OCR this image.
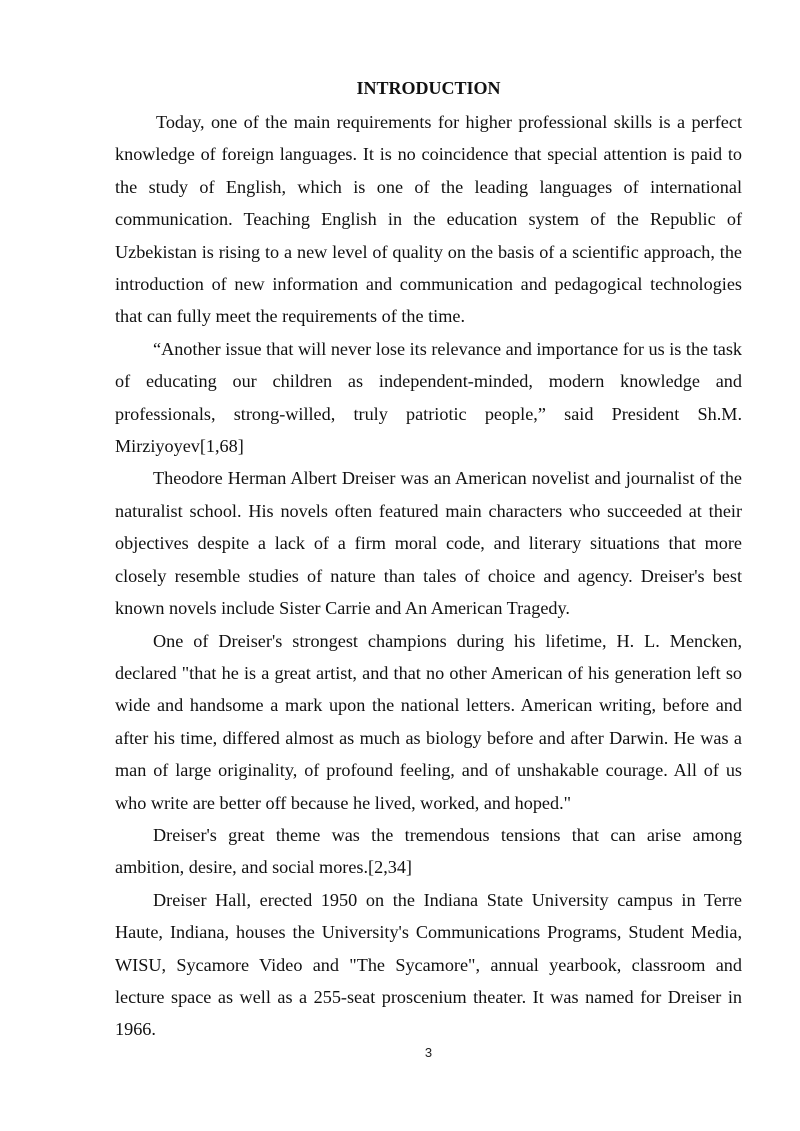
INTRODUCTION

Today, one of the main requirements for higher professional skills is a perfect knowledge of foreign languages. It is no coincidence that special attention is paid to the study of English, which is one of the leading languages of international communication. Teaching English in the education system of the Republic of Uzbekistan is rising to a new level of quality on the basis of a scientific approach, the introduction of new information and communication and pedagogical technologies that can fully meet the requirements of the time.

“Another issue that will never lose its relevance and importance for us is the task of educating our children as independent-minded, modern knowledge and professionals, strong-willed, truly patriotic people,” said President Sh.M. Mirziyoyev[1,68]

Theodore Herman Albert Dreiser was an American novelist and journalist of the naturalist school. His novels often featured main characters who succeeded at their objectives despite a lack of a firm moral code, and literary situations that more closely resemble studies of nature than tales of choice and agency. Dreiser's best known novels include Sister Carrie and An American Tragedy.

One of Dreiser's strongest champions during his lifetime, H. L. Mencken, declared "that he is a great artist, and that no other American of his generation left so wide and handsome a mark upon the national letters. American writing, before and after his time, differed almost as much as biology before and after Darwin. He was a man of large originality, of profound feeling, and of unshakable courage. All of us who write are better off because he lived, worked, and hoped."

Dreiser's great theme was the tremendous tensions that can arise among ambition, desire, and social mores.[2,34]

Dreiser Hall, erected 1950 on the Indiana State University campus in Terre Haute, Indiana, houses the University's Communications Programs, Student Media, WISU, Sycamore Video and "The Sycamore", annual yearbook, classroom and lecture space as well as a 255-seat proscenium theater. It was named for Dreiser in 1966.

3
